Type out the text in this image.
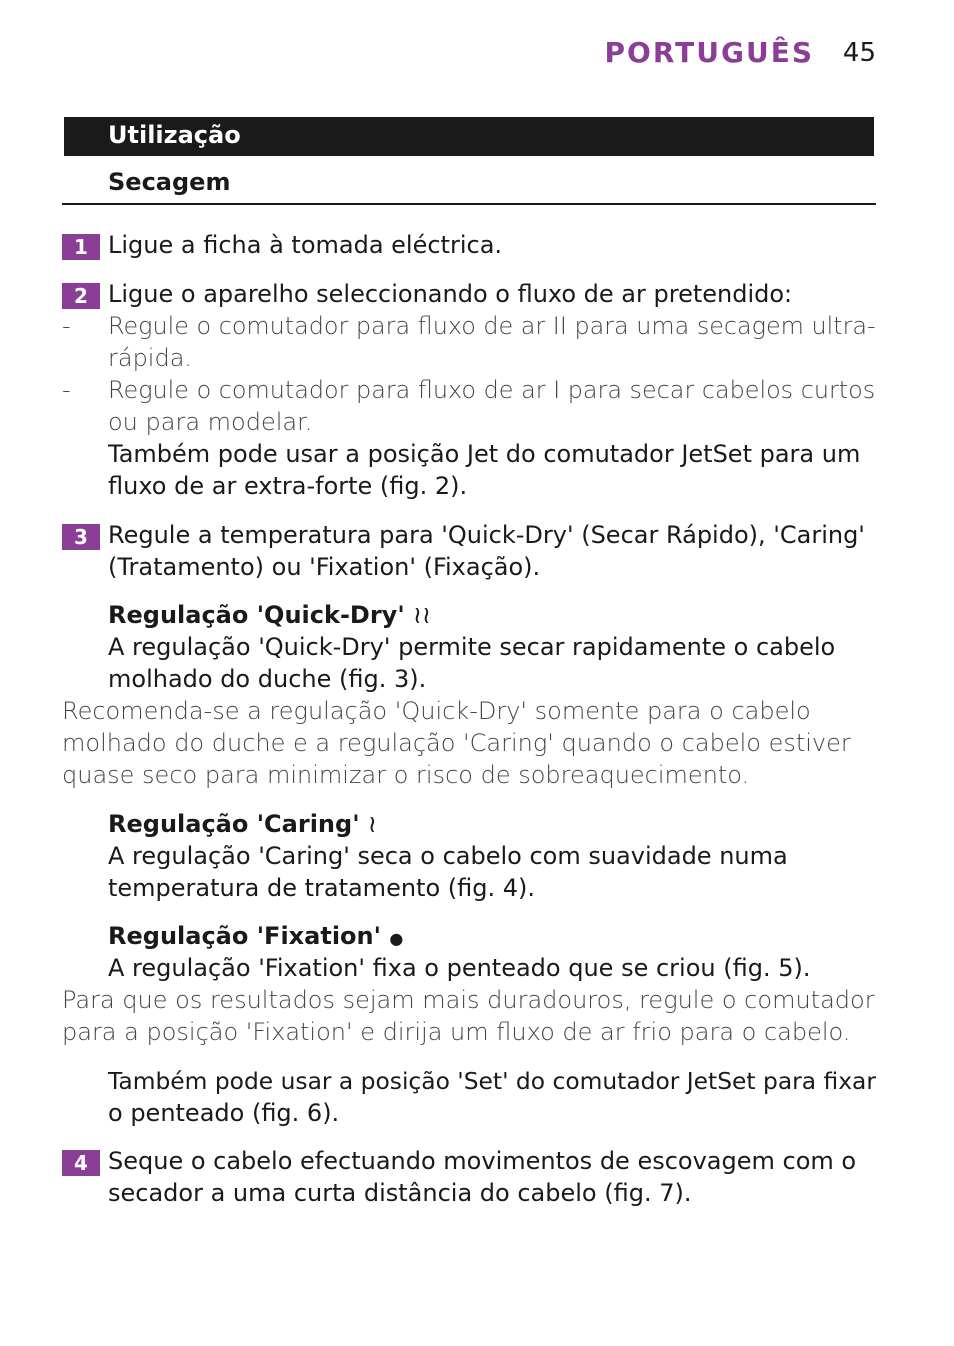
PORTUGUÊS 45
Utilização
Secagem
1 Ligue a ficha à tomada eléctrica.
2 Ligue o aparelho seleccionando o fluxo de ar pretendido:
- Regule o comutador para fluxo de ar II para uma secagem ultra-
rápida.
- Regule o comutador para fluxo de ar I para secar cabelos curtos
ou para modelar.
Também pode usar a posição Jet do comutador JetSet para um
fluxo de ar extra-forte (fig. 2).
3 Regule a temperatura para 'Quick-Dry' (Secar Rápido), 'Caring'
(Tratamento) ou 'Fixation' (Fixação).
Regulação 'Quick-Dry' ≀≀
A regulação 'Quick-Dry' permite secar rapidamente o cabelo
molhado do duche (fig. 3).
Recomenda-se a regulação 'Quick-Dry' somente para o cabelo
molhado do duche e a regulação 'Caring' quando o cabelo estiver
quase seco para minimizar o risco de sobreaquecimento.
Regulação 'Caring' ≀
A regulação 'Caring' seca o cabelo com suavidade numa
temperatura de tratamento (fig. 4).
Regulação 'Fixation' ●
A regulação 'Fixation' fixa o penteado que se criou (fig. 5).
Para que os resultados sejam mais duradouros, regule o comutador
para a posição 'Fixation' e dirija um fluxo de ar frio para o cabelo.
Também pode usar a posição 'Set' do comutador JetSet para fixar
o penteado (fig. 6).
4 Seque o cabelo efectuando movimentos de escovagem com o
secador a uma curta distância do cabelo (fig. 7).
